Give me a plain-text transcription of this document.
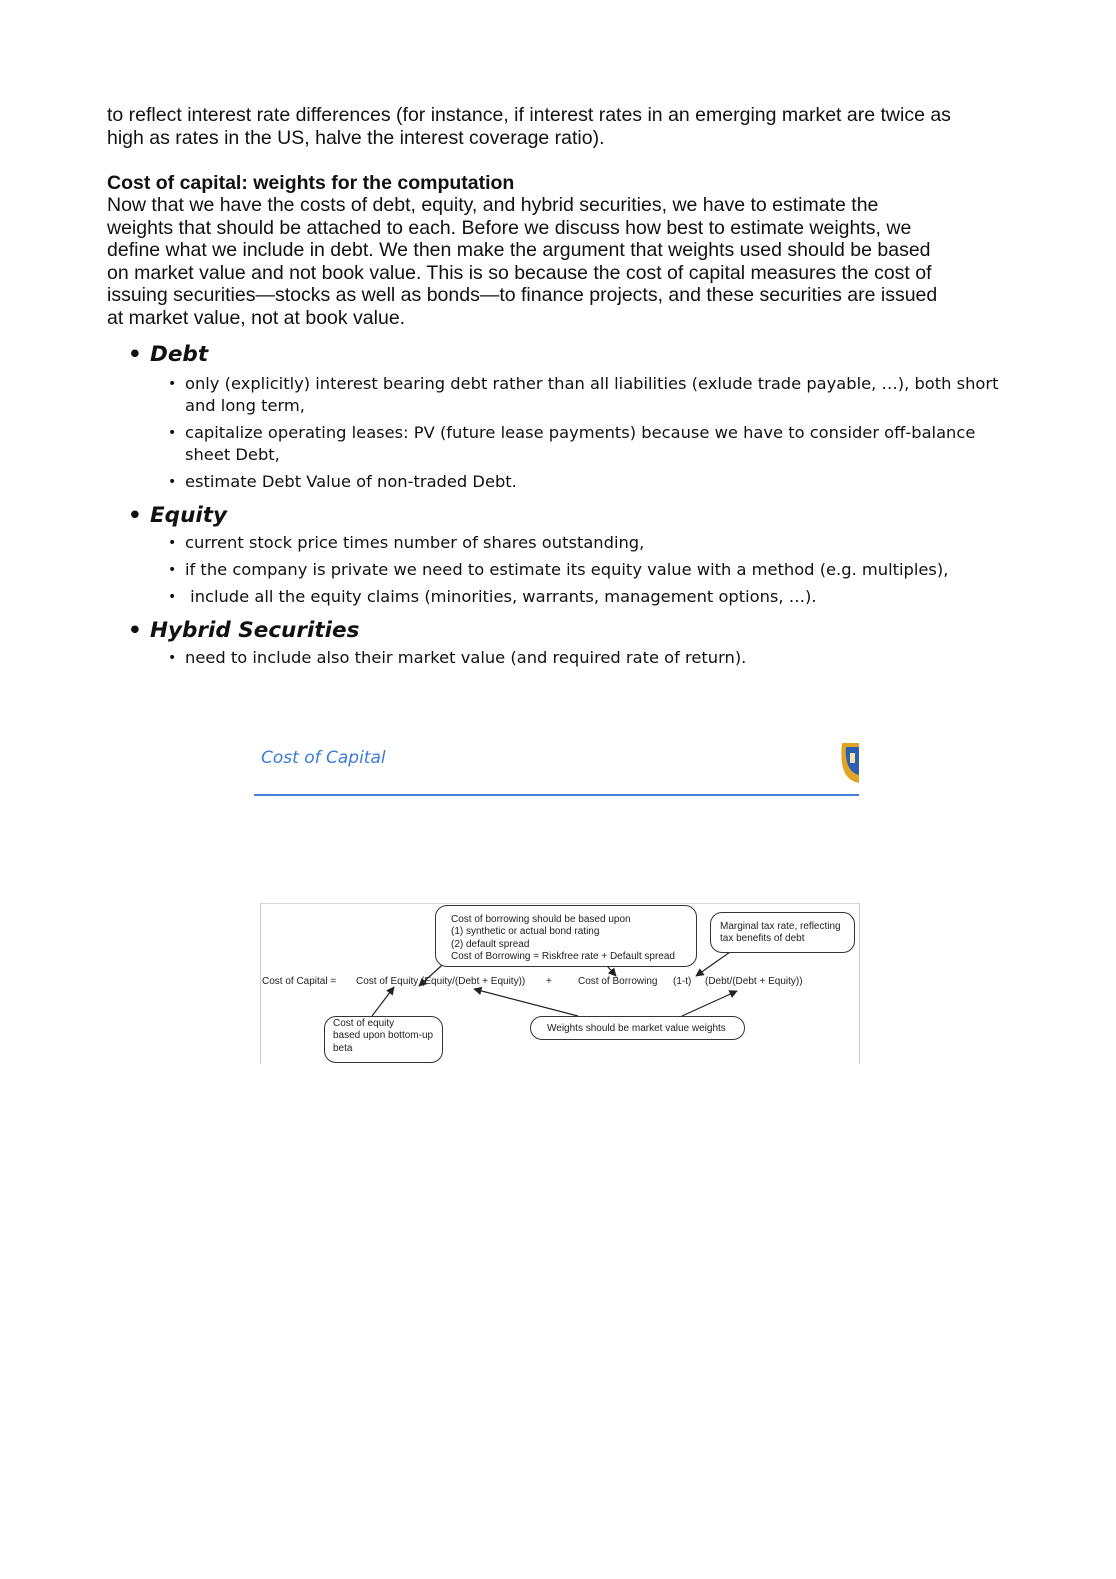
to reflect interest rate differences (for instance, if interest rates in an emerging market are twice as
high as rates in the US, halve the interest coverage ratio).

Cost of capital: weights for the computation

Now that we have the costs of debt, equity, and hybrid securities, we have to estimate the
weights that should be attached to each. Before we discuss how best to estimate weights, we
define what we include in debt. We then make the argument that weights used should be based
on market value and not book value. This is so because the cost of capital measures the cost of
issuing securities—stocks as well as bonds—to finance projects, and these securities are issued
at market value, not at book value.

• Debt
• only (explicitly) interest bearing debt rather than all liabilities (exlude trade payable, …), both short and long term,
• capitalize operating leases: PV (future lease payments) because we have to consider off-balance sheet Debt,
• estimate Debt Value of non-traded Debt.
• Equity
• current stock price times number of shares outstanding,
• if the company is private we need to estimate its equity value with a method (e.g. multiples),
• include all the equity claims (minorities, warrants, management options, …).
• Hybrid Securities
• need to include also their market value (and required rate of return).
Cost of Capital
Cost of borrowing should be based upon
(1) synthetic or actual bond rating
(2) default spread
Cost of Borrowing = Riskfree rate + Default spread
Marginal tax rate, reflecting
tax benefits of debt
Cost of Capital = Cost of Equity (Equity/(Debt + Equity)) +	Cost of Borrowing (1-t) (Debt/(Debt + Equity))
Cost of equity
based upon bottom-up
beta
Weights should be market value weights
